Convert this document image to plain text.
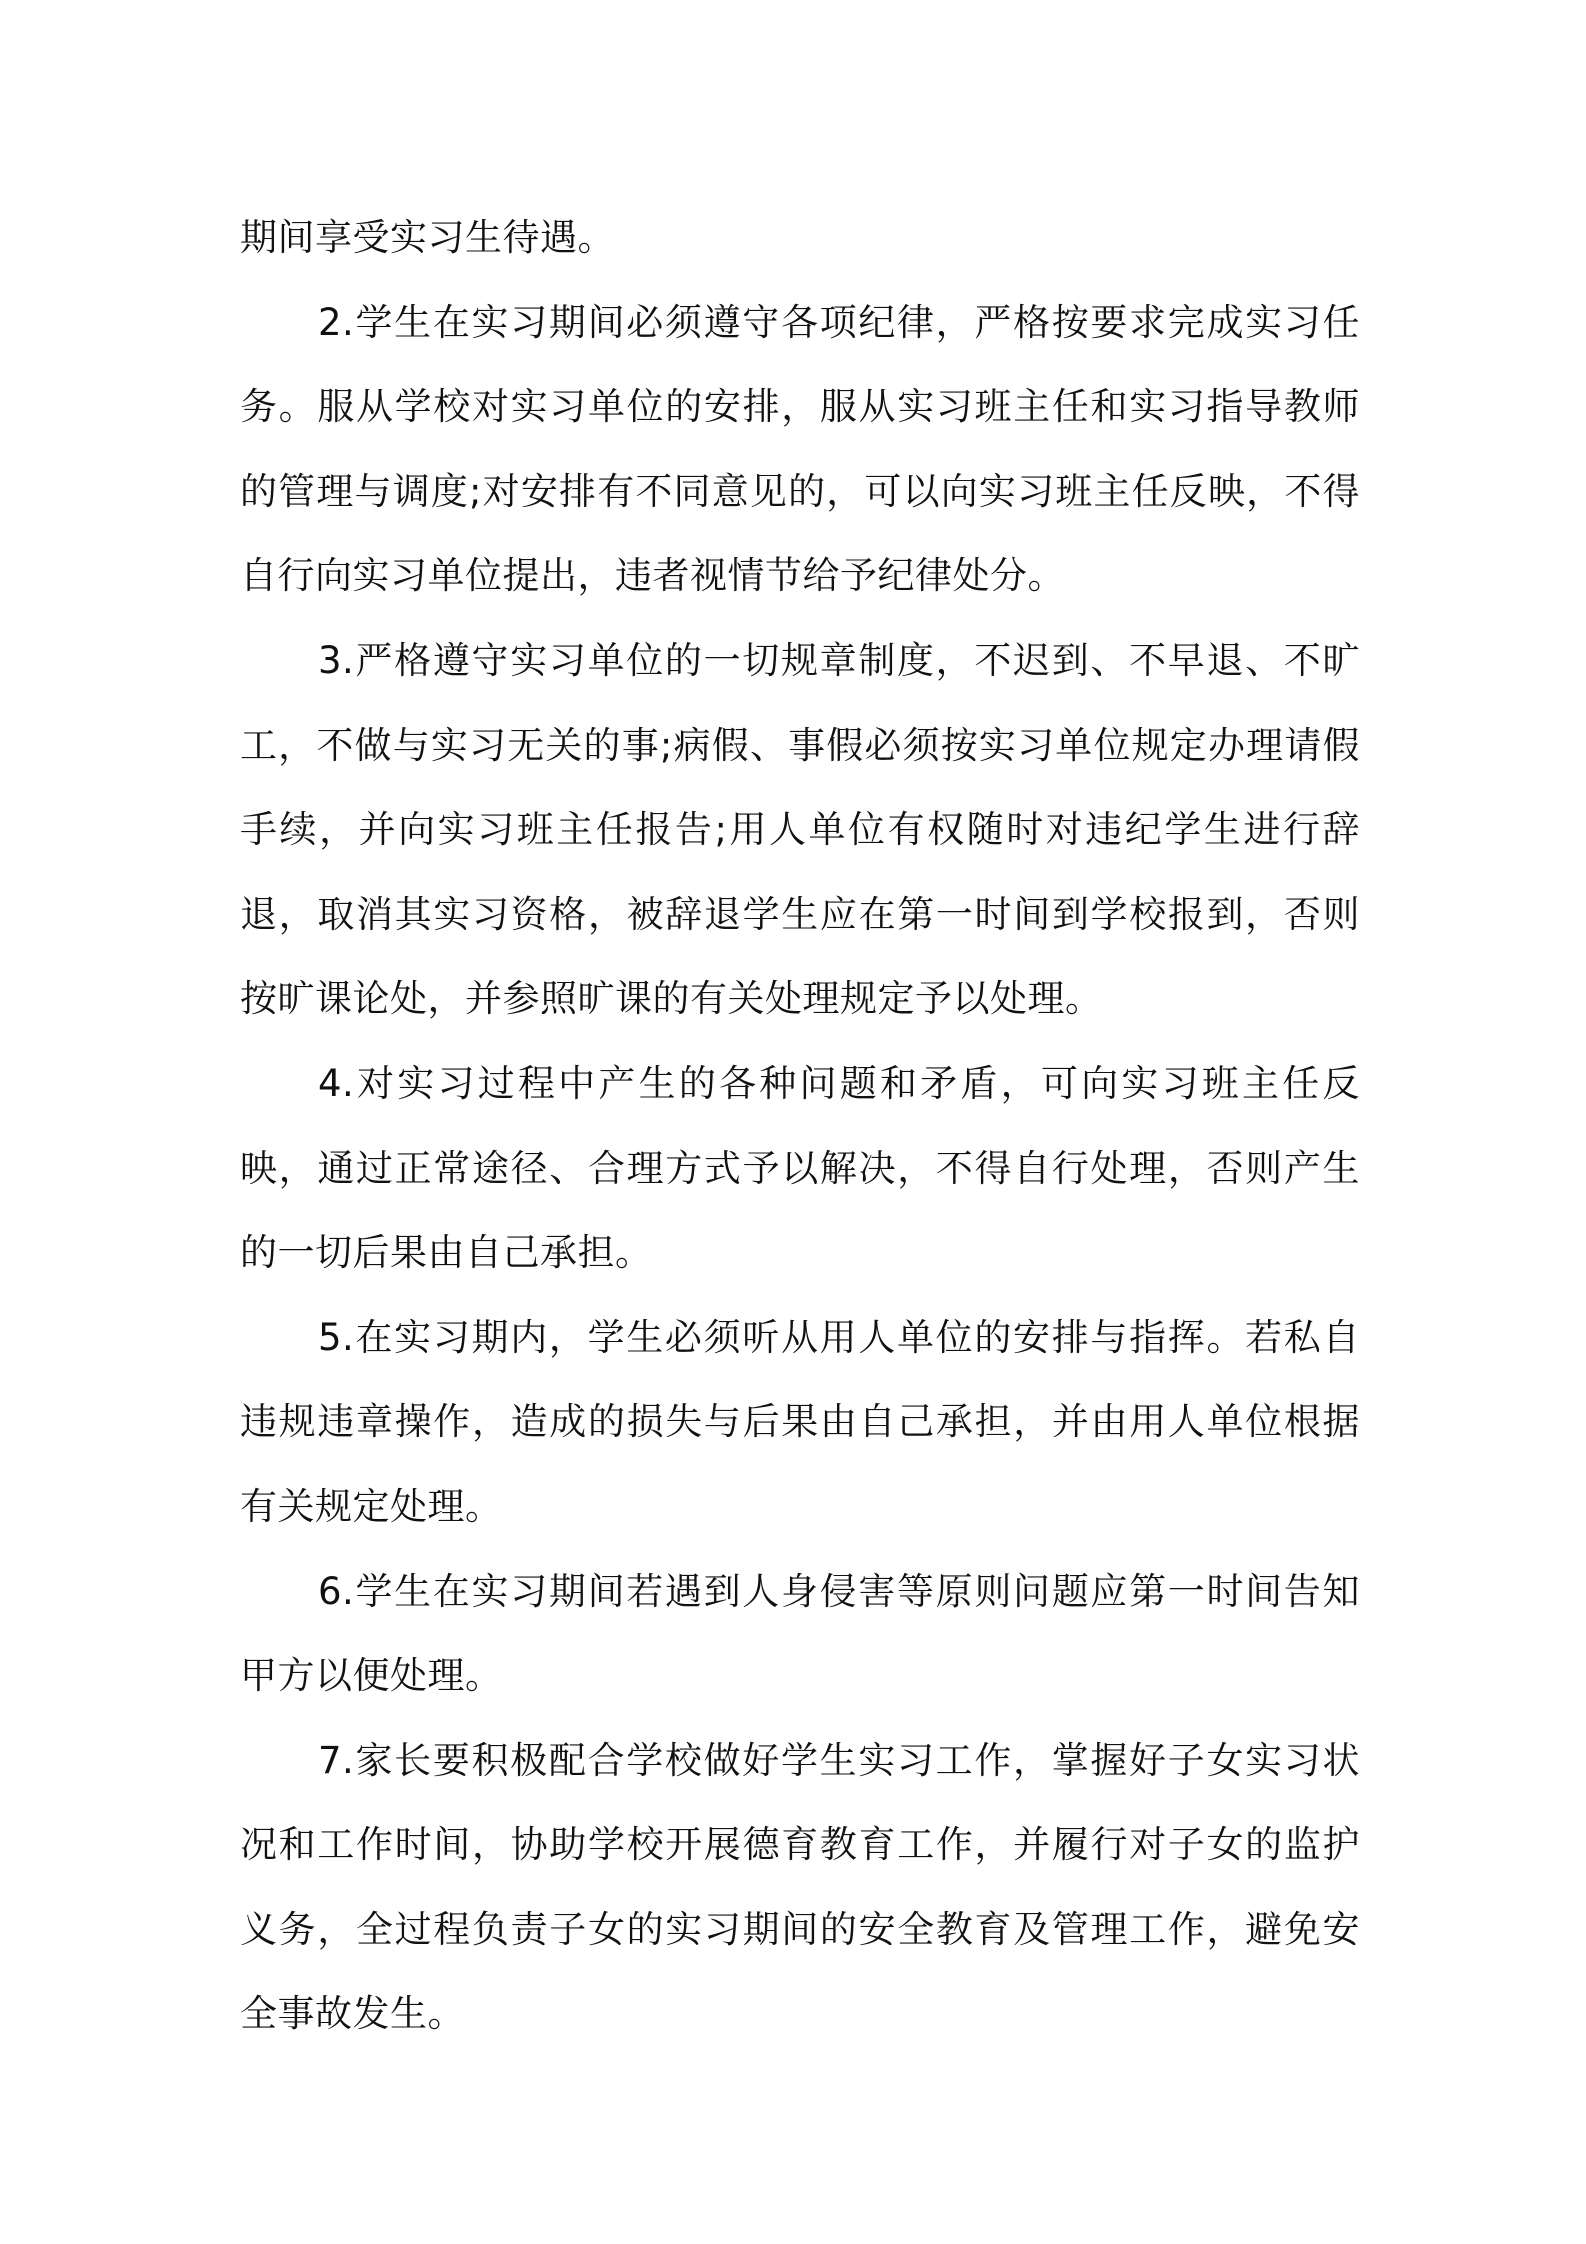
期间享受实习生待遇。

2.学生在实习期间必须遵守各项纪律，严格按要求完成实习任务。服从学校对实习单位的安排，服从实习班主任和实习指导教师的管理与调度;对安排有不同意见的，可以向实习班主任反映，不得自行向实习单位提出，违者视情节给予纪律处分。

3.严格遵守实习单位的一切规章制度，不迟到、不早退、不旷工，不做与实习无关的事;病假、事假必须按实习单位规定办理请假手续，并向实习班主任报告;用人单位有权随时对违纪学生进行辞退，取消其实习资格，被辞退学生应在第一时间到学校报到，否则按旷课论处，并参照旷课的有关处理规定予以处理。

4.对实习过程中产生的各种问题和矛盾，可向实习班主任反映，通过正常途径、合理方式予以解决，不得自行处理，否则产生的一切后果由自己承担。

5.在实习期内，学生必须听从用人单位的安排与指挥。若私自违规违章操作，造成的损失与后果由自己承担，并由用人单位根据有关规定处理。

6.学生在实习期间若遇到人身侵害等原则问题应第一时间告知甲方以便处理。

7.家长要积极配合学校做好学生实习工作，掌握好子女实习状况和工作时间，协助学校开展德育教育工作，并履行对子女的监护义务，全过程负责子女的实习期间的安全教育及管理工作，避免安全事故发生。
